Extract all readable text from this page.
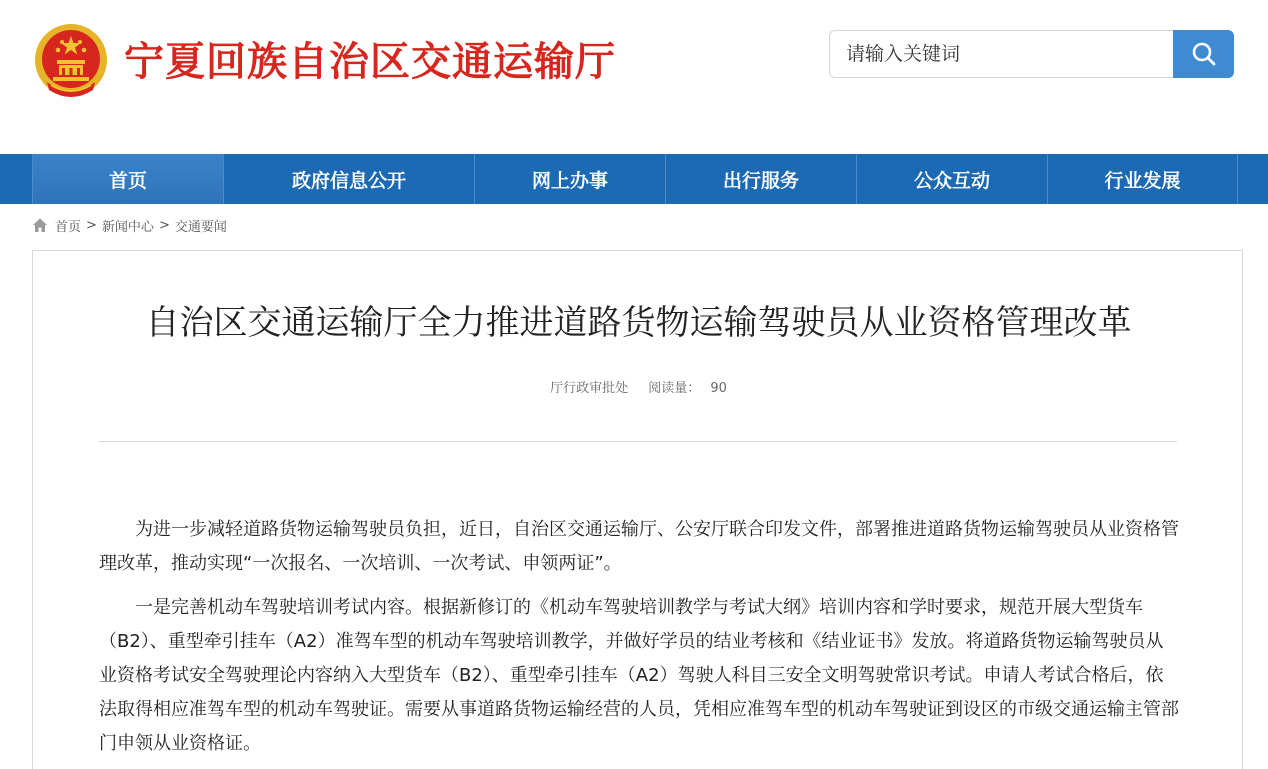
宁夏回族自治区交通运输厅
请输入关键词
首页	政府信息公开	网上办事	出行服务	公众互动	行业发展
首页 > 新闻中心 > 交通要闻
自治区交通运输厅全力推进道路货物运输驾驶员从业资格管理改革
厅行政审批处 阅读量： 90

为进一步减轻道路货物运输驾驶员负担，近日，自治区交通运输厅、公安厅联合印发文件，部署推进道路货物运输驾驶员从业资格管理改革，推动实现“一次报名、一次培训、一次考试、申领两证”。

一是完善机动车驾驶培训考试内容。根据新修订的《机动车驾驶培训教学与考试大纲》培训内容和学时要求，规范开展大型货车（B2）、重型牵引挂车（A2）准驾车型的机动车驾驶培训教学，并做好学员的结业考核和《结业证书》发放。将道路货物运输驾驶员从业资格考试安全驾驶理论内容纳入大型货车（B2）、重型牵引挂车（A2）驾驶人科目三安全文明驾驶常识考试。申请人考试合格后，依法取得相应准驾车型的机动车驾驶证。需要从事道路货物运输经营的人员，凭相应准驾车型的机动车驾驶证到设区的市级交通运输主管部门申领从业资格证。
